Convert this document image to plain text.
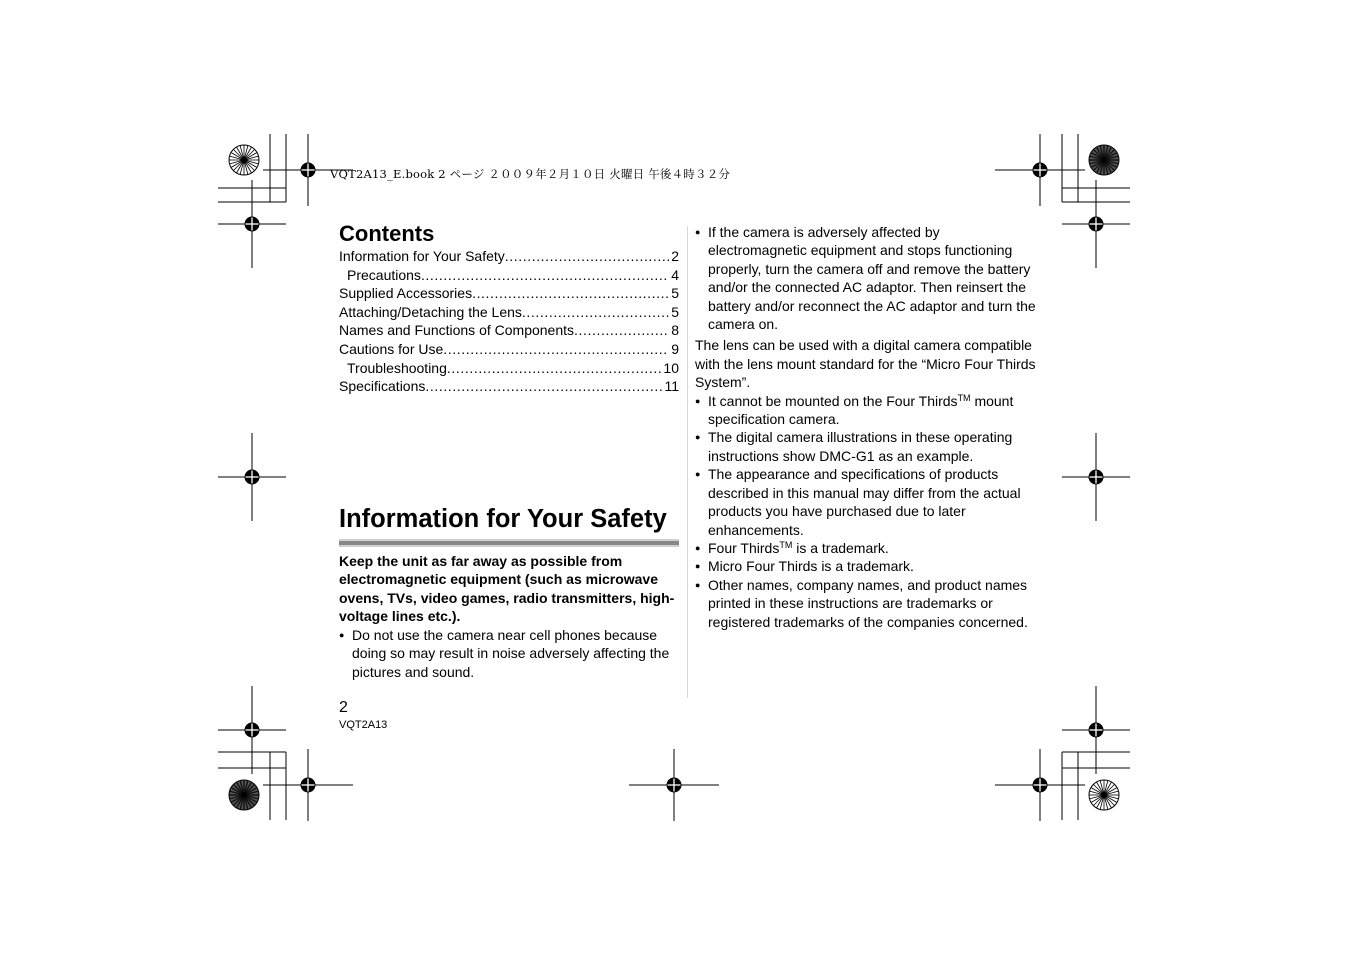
VQT2A13_E.book 2 ページ ２００９年２月１０日 火曜日 午後４時３２分
Contents
Information for Your Safety .....	2
Precautions .....	4
Supplied Accessories .....	5
Attaching/Detaching the Lens .....	5
Names and Functions of Components .....	8
Cautions for Use .....	9
Troubleshooting .....	10
Specifications .....	11
Information for Your Safety
Keep the unit as far away as possible from electromagnetic equipment (such as microwave ovens, TVs, video games, radio transmitters, high-voltage lines etc.).
● Do not use the camera near cell phones because doing so may result in noise adversely affecting the pictures and sound.
● If the camera is adversely affected by electromagnetic equipment and stops functioning properly, turn the camera off and remove the battery and/or the connected AC adaptor. Then reinsert the battery and/or reconnect the AC adaptor and turn the camera on.

The lens can be used with a digital camera compatible with the lens mount standard for the “Micro Four Thirds System”.

● It cannot be mounted on the Four Thirds™ mount specification camera.
● The digital camera illustrations in these operating instructions show DMC-G1 as an example.
● The appearance and specifications of products described in this manual may differ from the actual products you have purchased due to later enhancements.
● Four Thirds™ is a trademark.
● Micro Four Thirds is a trademark.
● Other names, company names, and product names printed in these instructions are trademarks or registered trademarks of the companies concerned.
2
VQT2A13
